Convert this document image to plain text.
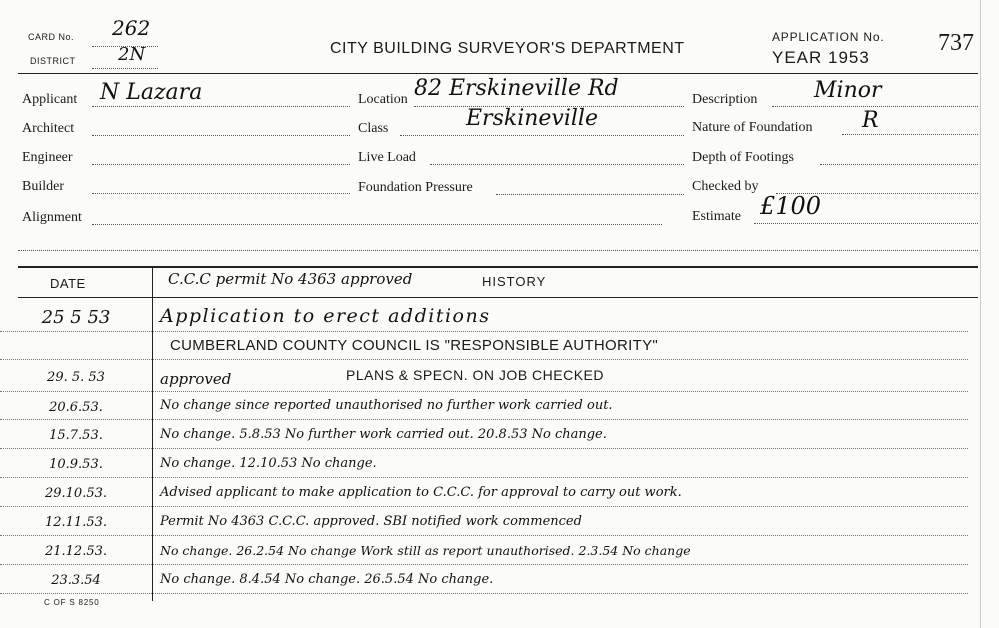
CARD No. 262
DISTRICT 2N	CITY BUILDING SURVEYOR'S DEPARTMENT
APPLICATION No.
YEAR 1953
737
Applicant N Lazara
Architect
Engineer
Builder
Alignment
Location 82 Erskineville Rd
Class	Erskineville
Live Load
Foundation Pressure
Description	Minor
Nature of Foundation R
Depth of Footings
Checked by
Estimate £100
DATE	HISTORY
C.C.C permit No 4363 approved
25 5 53	Application to erect additions
CUMBERLAND COUNTY COUNCIL IS "RESPONSIBLE AUTHORITY"
29. 5. 53	approved	PLANS & SPECN. ON JOB CHECKED
20.6.53.	No change since reported unauthorised no further work carried out.
15.7.53.	No change. 5.8.53 No further work carried out. 20.8.53 No change.
10.9.53.	No change. 12.10.53 No change.
29.10.53.	Advised applicant to make application to C.C.C. for approval to carry out work.
12.11.53.	Permit No 4363 C.C.C. approved. SBI notified work commenced
21.12.53.	No change. 26.2.54 No change Work still as report unauthorised. 2.3.54 No change
23.3.54	No change. 8.4.54 No change. 26.5.54 No change.
C OF S 8250
